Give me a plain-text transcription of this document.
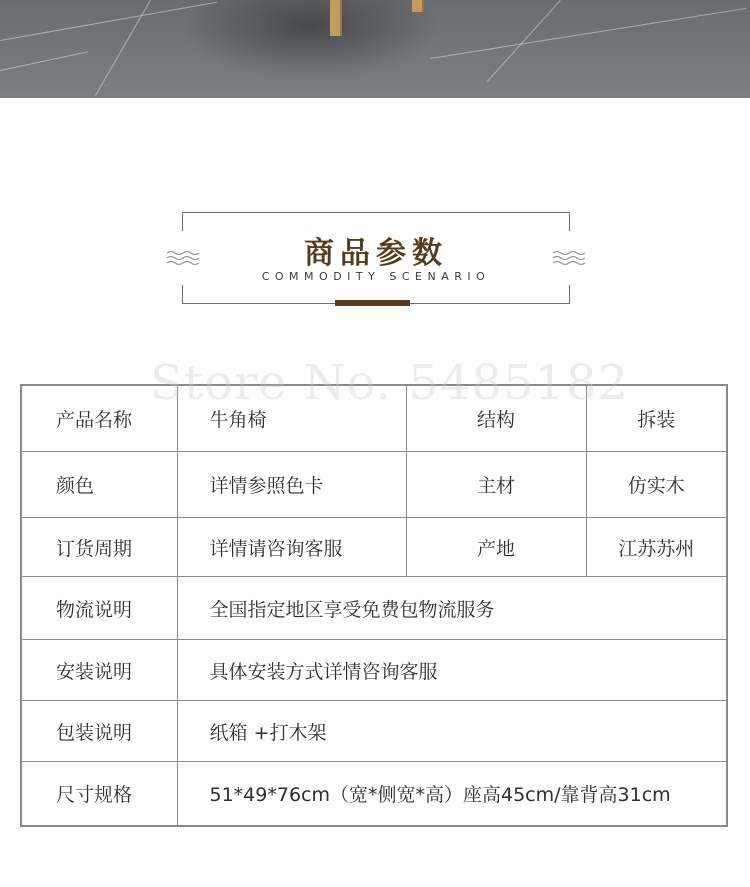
商品参数
COMMODITY SCENARIO
Store No. 5485182
产品名称	牛角椅	结构	拆装
颜色	详情参照色卡	主材	仿实木
订货周期	详情请咨询客服	产地	江苏苏州
物流说明	全国指定地区享受免费包物流服务		
安装说明	具体安装方式详情咨询客服		
包装说明	纸箱 +打木架		
尺寸规格	51*49*76cm（宽*侧宽*高）座高45cm/靠背高31cm		
